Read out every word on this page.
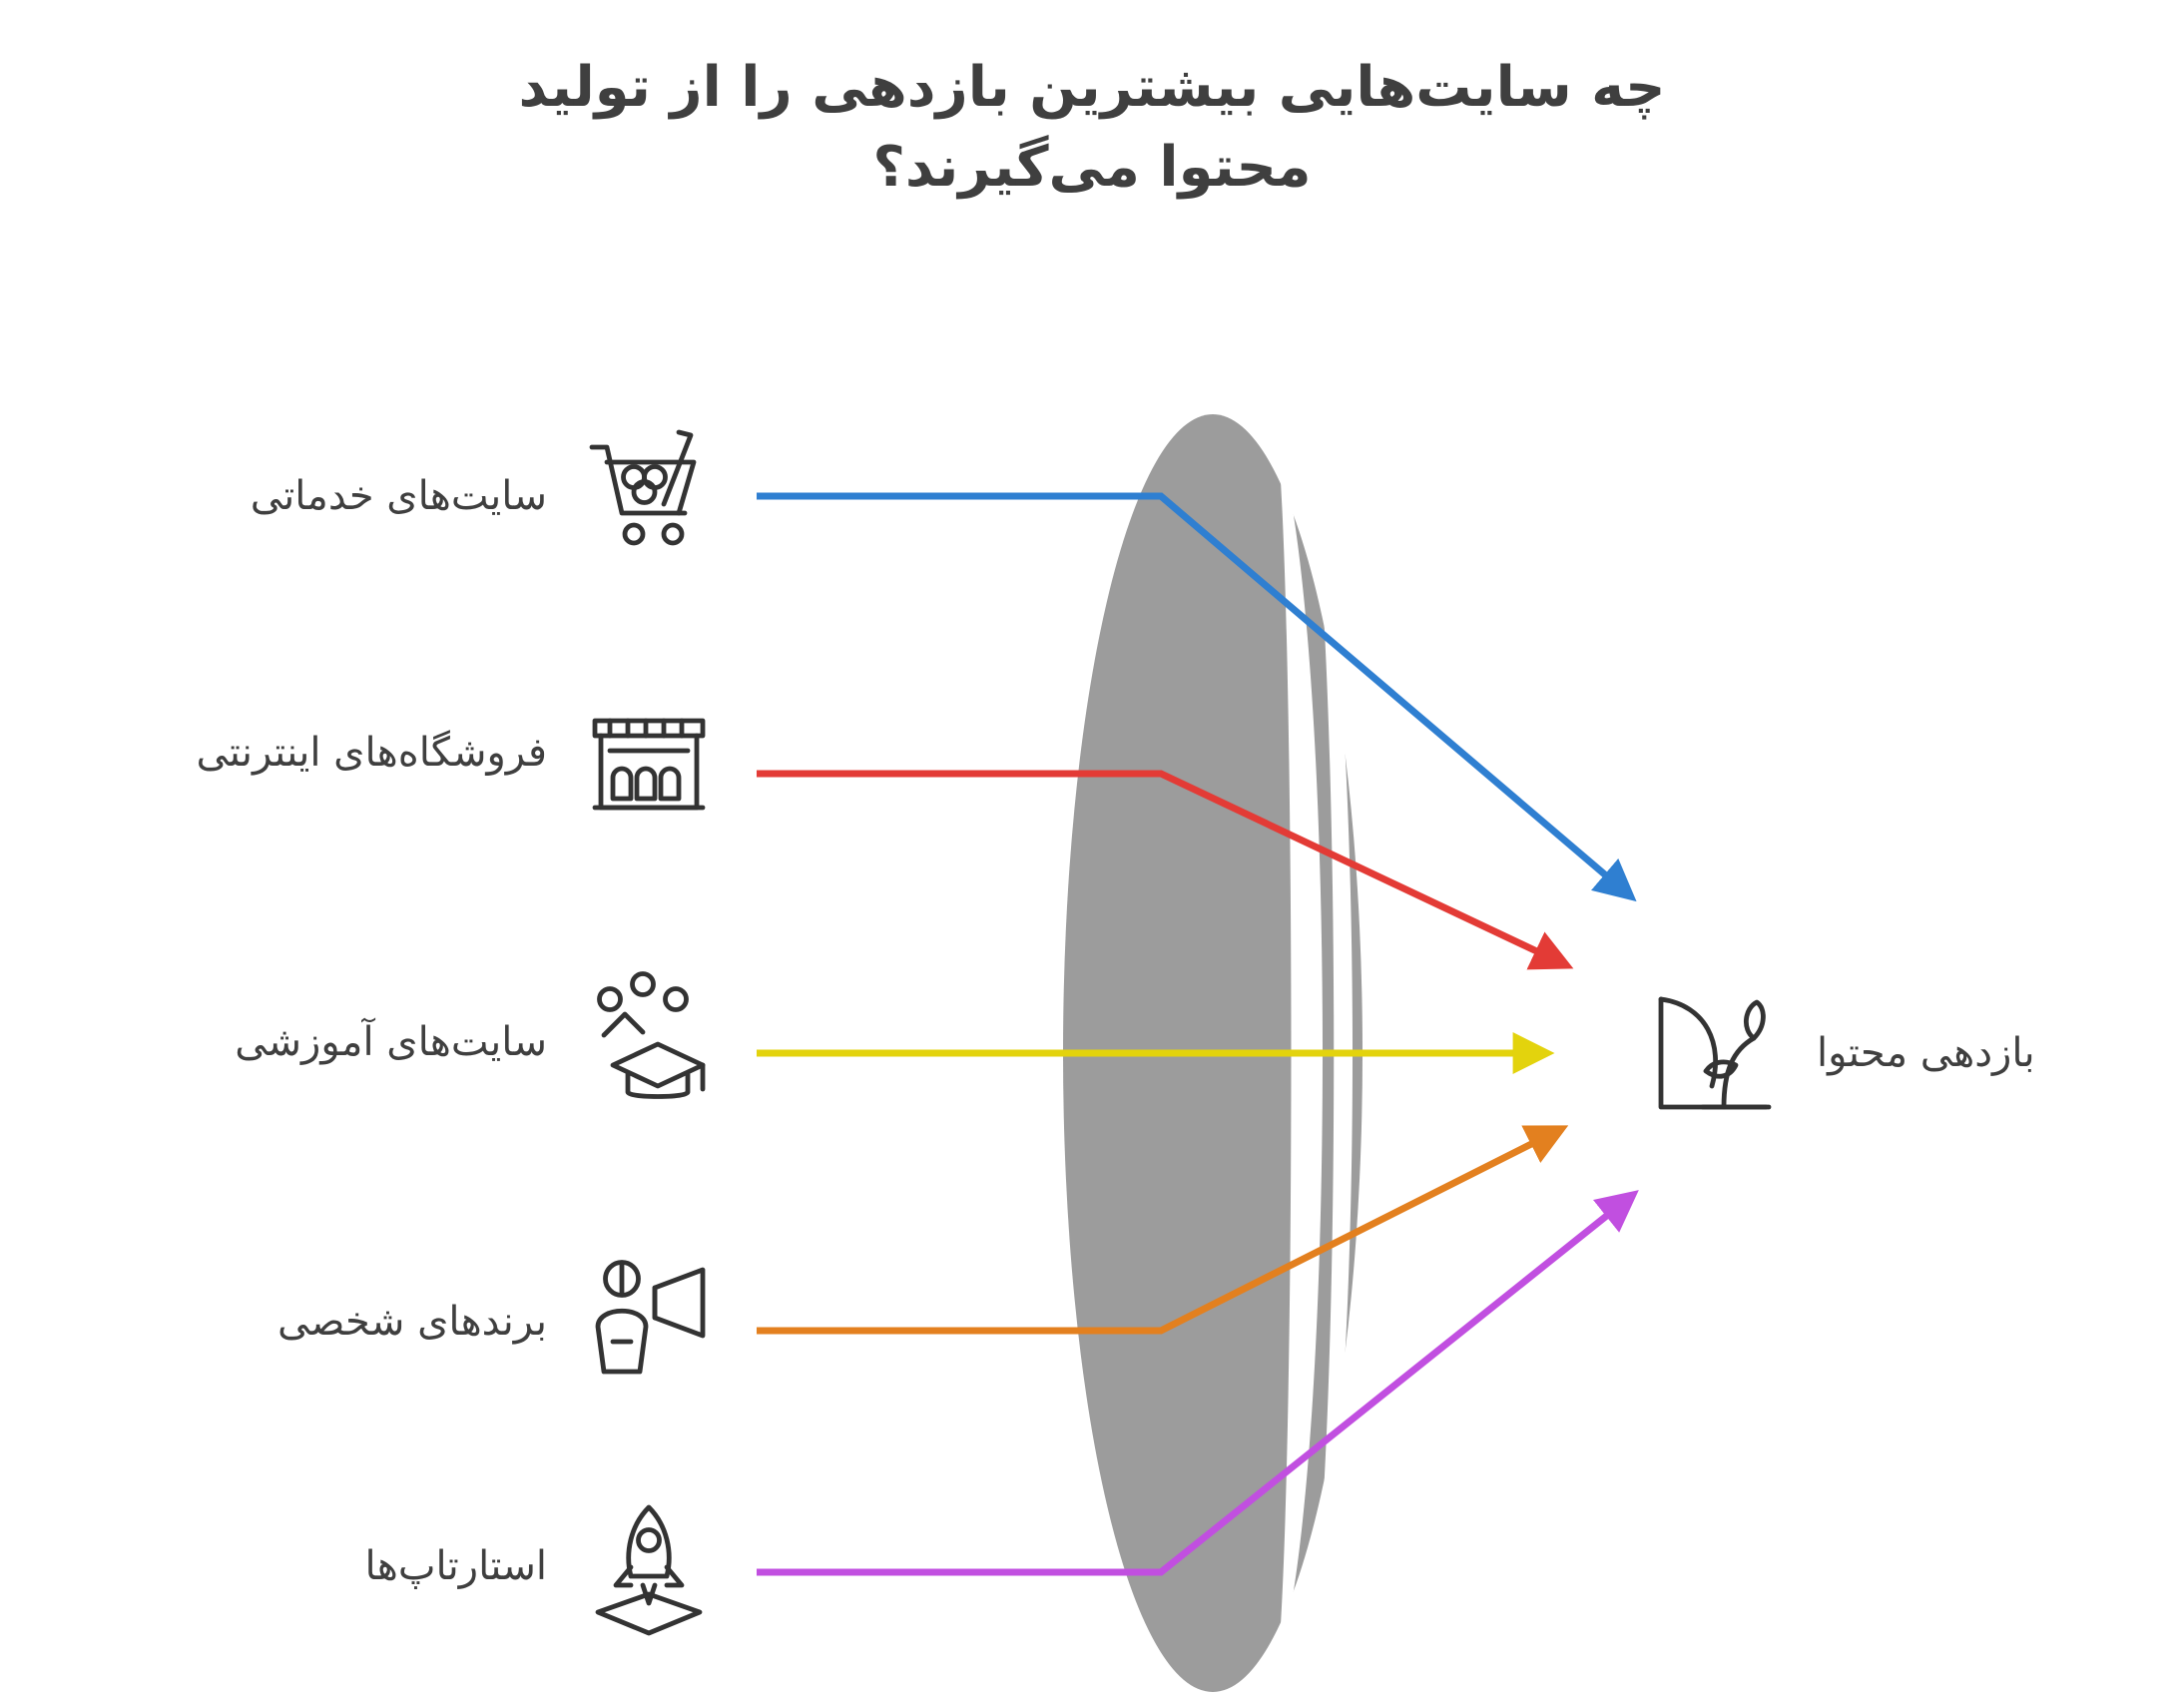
چه سایت‌هایی بیشترین بازدهی را از تولید
محتوا می‌گیرند؟
سایت‌های خدماتی
فروشگاه‌های اینترنتی
سایت‌های آموزشی
برندهای شخصی
استارتاپ‌ها
بازدهی محتوا
